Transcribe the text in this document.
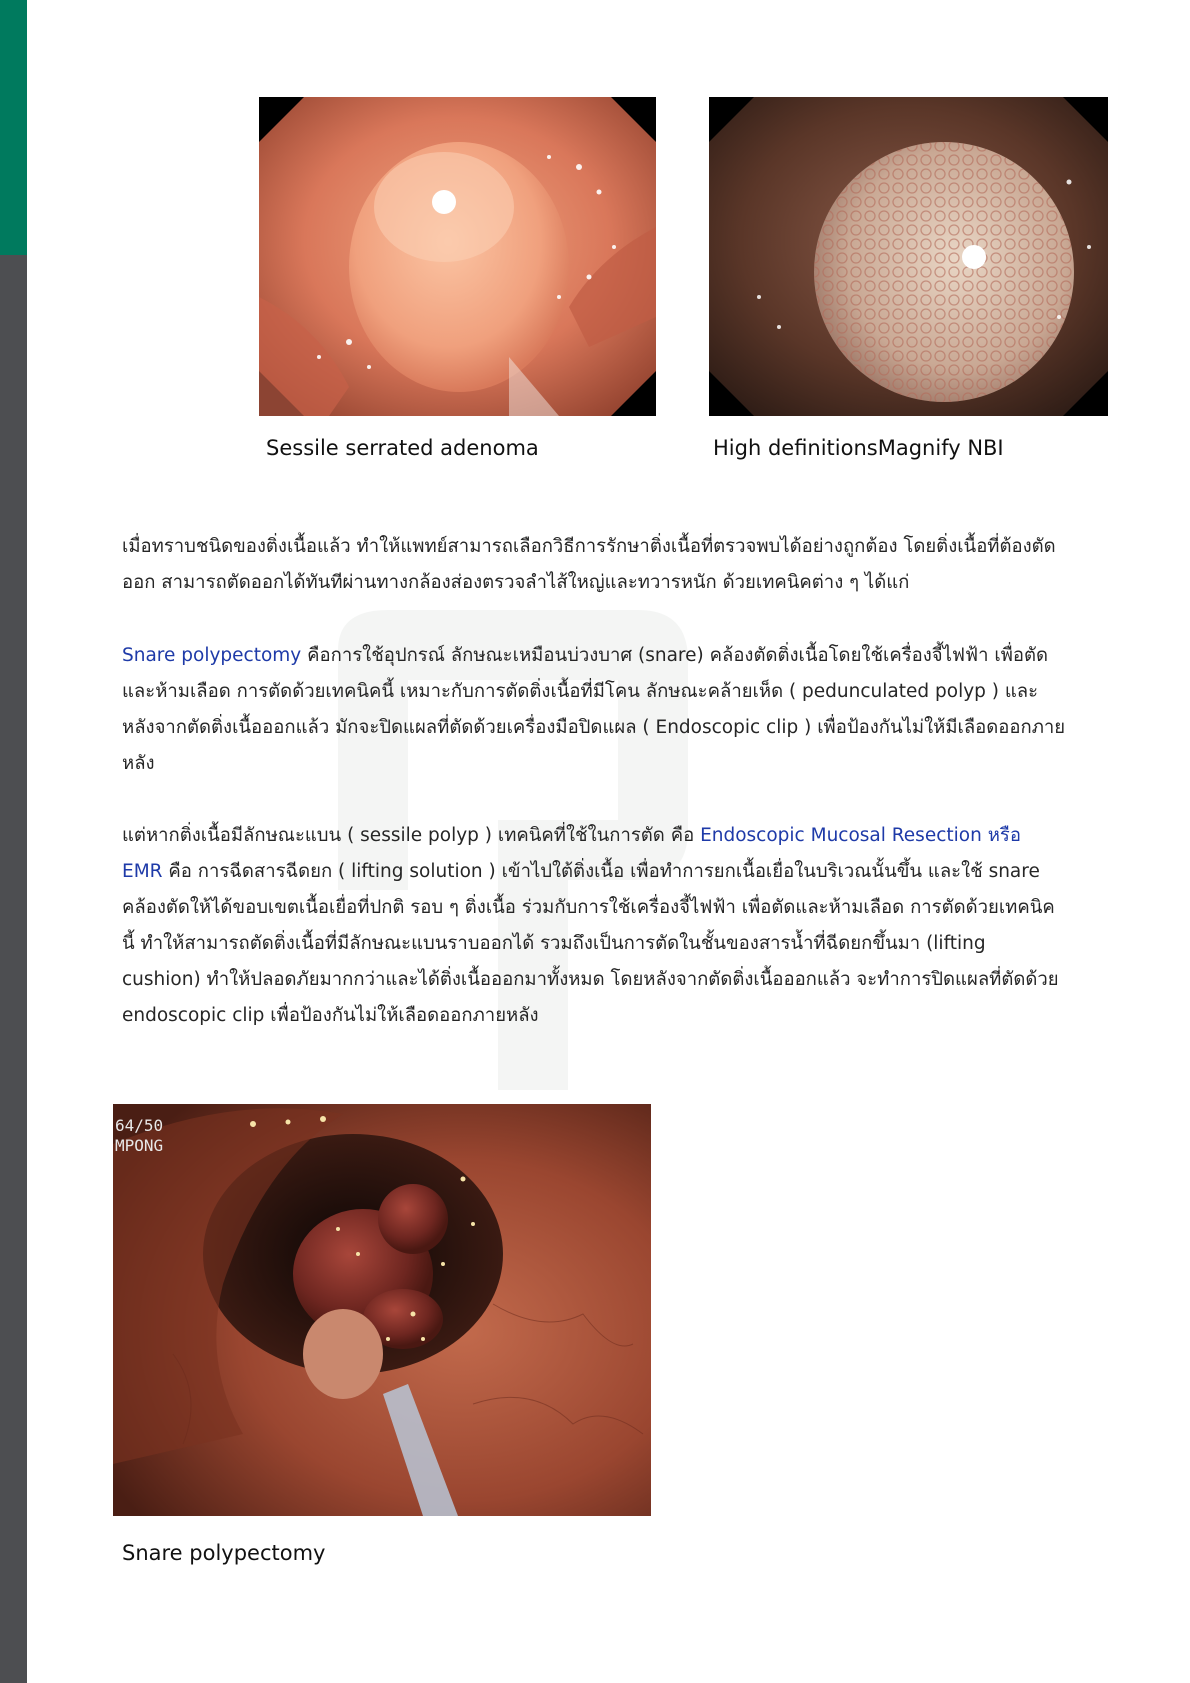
Sessile serrated adenoma	High definitionsMagnify NBI

เมื่อทราบชนิดของติ่งเนื้อแล้ว ทำให้แพทย์สามารถเลือกวิธีการรักษาติ่งเนื้อที่ตรวจพบได้อย่างถูกต้อง โดยติ่งเนื้อที่ต้องตัดออก สามารถตัดออกได้ทันทีผ่านทางกล้องส่องตรวจลำไส้ใหญ่และทวารหนัก ด้วยเทคนิคต่าง ๆ ได้แก่

Snare polypectomy คือการใช้อุปกรณ์ ลักษณะเหมือนบ่วงบาศ (snare) คล้องตัดติ่งเนื้อโดยใช้เครื่องจี้ไฟฟ้า เพื่อตัดและห้ามเลือด การตัดด้วยเทคนิคนี้ เหมาะกับการตัดติ่งเนื้อที่มีโคน ลักษณะคล้ายเห็ด ( pedunculated polyp ) และหลังจากตัดติ่งเนื้อออกแล้ว มักจะปิดแผลที่ตัดด้วยเครื่องมือปิดแผล ( Endoscopic clip ) เพื่อป้องกันไม่ให้มีเลือดออกภายหลัง

แต่หากติ่งเนื้อมีลักษณะแบน ( sessile polyp ) เทคนิคที่ใช้ในการตัด คือ Endoscopic Mucosal Resection หรือ EMR คือ การฉีดสารฉีดยก ( lifting solution ) เข้าไปใต้ติ่งเนื้อ เพื่อทำการยกเนื้อเยื่อในบริเวณนั้นขึ้น และใช้ snare คล้องตัดให้ได้ขอบเขตเนื้อเยื่อที่ปกติ รอบ ๆ ติ่งเนื้อ ร่วมกับการใช้เครื่องจี้ไฟฟ้า เพื่อตัดและห้ามเลือด การตัดด้วยเทคนิคนี้ ทำให้สามารถตัดติ่งเนื้อที่มีลักษณะแบนราบออกได้ รวมถึงเป็นการตัดในชั้นของสารน้ำที่ฉีดยกขึ้นมา (lifting cushion) ทำให้ปลอดภัยมากกว่าและได้ติ่งเนื้อออกมาทั้งหมด โดยหลังจากตัดติ่งเนื้อออกแล้ว จะทำการปิดแผลที่ตัดด้วย endoscopic clip เพื่อป้องกันไม่ให้เลือดออกภายหลัง

64/50
MPONG
Snare polypectomy
